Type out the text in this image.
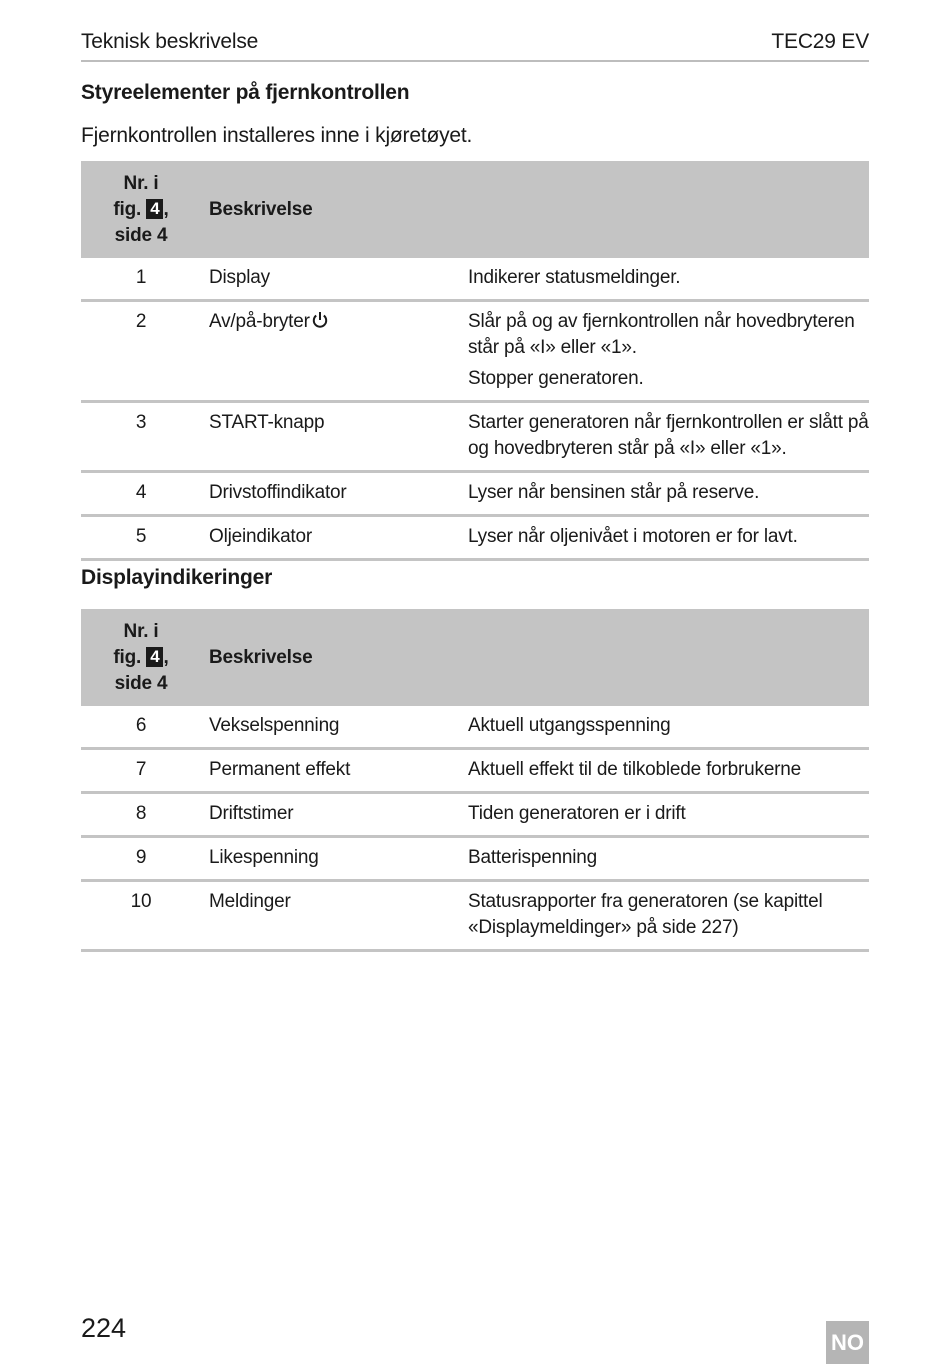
Teknisk beskrivelse	TEC29 EV
Styreelementer på fjernkontrollen
Fjernkontrollen installeres inne i kjøretøyet.
Nr. i
fig. 4 ,
side 4	Beskrivelse	
1	Display	Indikerer statusmeldinger.

2	Av/på-bryter	Slår på og av fjernkontrollen når hovedbryteren står på «I» eller «1».

Stopper generatoren.

3	START-knapp	Starter generatoren når fjernkontrollen er slått på og hovedbryteren står på «I» eller «1».

4	Drivstoffindikator	Lyser når bensinen står på reserve.

5	Oljeindikator	Lyser når oljenivået i motoren er for lavt.

Displayindikeringer
Nr. i
fig. 4 ,
side 4	Beskrivelse	
6	Vekselspenning	Aktuell utgangsspenning

7	Permanent effekt	Aktuell effekt til de tilkoblede forbrukerne

8	Driftstimer	Tiden generatoren er i drift

9	Likespenning	Batterispenning

10	Meldinger	Statusrapporter fra generatoren (se kapittel «Displaymeldinger» på side 227)

224	NO
